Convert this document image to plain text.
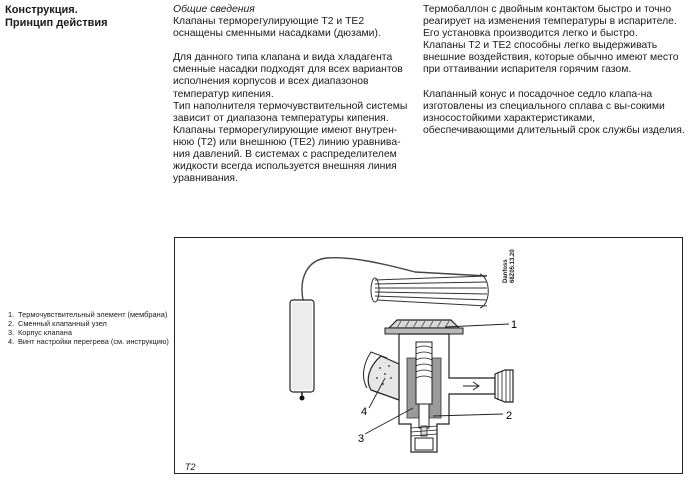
Конструкция.
Принцип действия

Общие сведения

Клапаны терморегулирующие Т2 и ТЕ2 оснащены сменными насадками (дюзами).

Для данного типа клапана и вида хладагента сменные насадки подходят для всех вариантов исполнения корпусов и всех диапазонов температур кипения.

Тип наполнителя термочувствительной системы зависит от диапазона температуры кипения.

Клапаны терморегулирующие имеют внутрен-нюю (Т2) или внешнюю (ТЕ2) линию уравнива-ния давлений. В системах с распределителем жидкости всегда используется внешняя линия уравнивания.

Термобаллон с двойным контактом быстро и точно реагирует на изменения температуры в испарителе. Его установка производится легко и быстро.

Клапаны Т2 и ТЕ2 способны легко выдерживать внешние воздействия, которые обычно имеют место при оттаивании испарителя горячим газом.

Клапанный конус и посадочное седло клапа-на изготовлены из специального сплава с вы-сокими износостойкими характеристиками, обеспечивающими длительный срок службы изделия.

1. Термочувствительный элемент (мембрана)
2. Сменный клапанный узел
3. Корпус клапана
4. Винт настройки перегрева (см. инструкцию)
1
2
3
4
T2
Danfoss 68Z05.13.20
